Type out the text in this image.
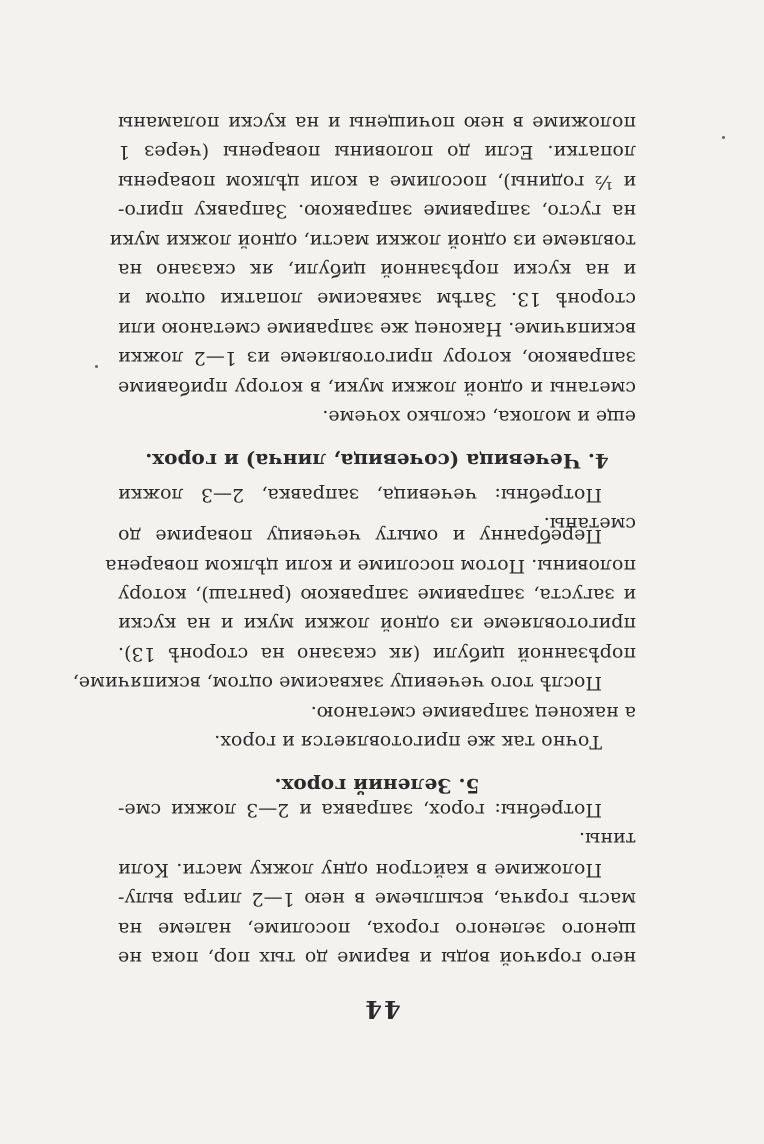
44
него горячой воды и вариме до тых пор, пока не
щеного зеленого гороха, посолиме, налеме на
масть горяча, всыпльеме в нею 1—2 литра вылу-
Положиме в кайстрон одну ложку масти. Коли
тины.
Потребны: горох, заправка и 2—3 ложки сме-
5. Зелений горох.
Точно так же приготовляется и горох.
а наконец заправиме сметаною.
Послѣ того чечевицу заквасиме оцтом, вскипячиме,
порѣзанной цибули (як сказано на сторонѣ 13).
приготовляеме из одной ложки муки и на куски
и загуста, заправиме заправкою (ранташ), котору
половины. Потом посолиме и коли цѣлком поварена
Перебранну и омыту чечевицу повариме до
сметаны.
Потребны: чечевица, заправка, 2—3 ложки
4. Чечевица (сочевица, линча) и горох.
еще и молока, сколько хочеме.
сметаны и одной ложки муки, в котору прибавиме
заправкою, котору приготовляеме из 1—2 ложки
вскипячиме. Наконец же заправиме сметаною или
сторонѣ 13. Затѣм заквасиме лопатки оцтом и
и на куски порѣзанной цибули, як сказано на
товляеме из одной ложки масти, одной ложки муки
на густо, заправиме заправкою. Заправку приго-
и ½ годины), посолиме а коли цѣлком поварены
лопатки. Если до половины поварены (через 1
положиме в нею почищены и на куски поламаны
